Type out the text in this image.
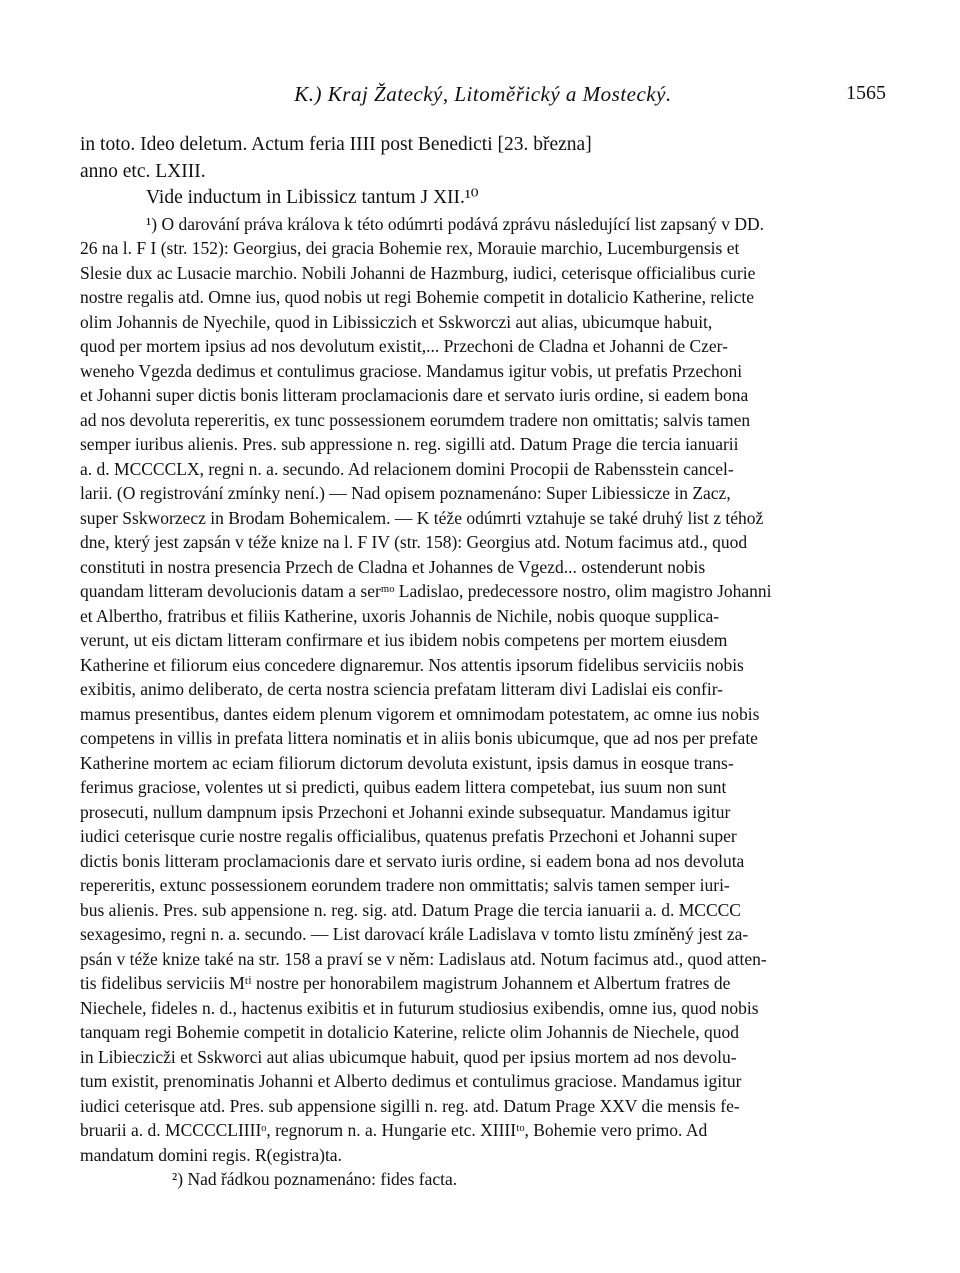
K.) Kraj Žatecký, Litoměřický a Mostecký.	1565
in toto. Ideo deletum. Actum feria IIII post Benedicti [23. března]
anno etc. LXIII.
Vide inductum in Libissicz tantum J XII.¹⁰
¹) O darování práva králova k této odúmrti podává zprávu následující list zapsaný v DD.
26 na l. F I (str. 152): Georgius, dei gracia Bohemie rex, Morauie marchio, Lucemburgensis et
Slesie dux ac Lusacie marchio. Nobili Johanni de Hazmburg, iudici, ceterisque officialibus curie
nostre regalis atd. Omne ius, quod nobis ut regi Bohemie competit in dotalicio Katherine, relicte
olim Johannis de Nyechile, quod in Libissiczich et Sskworczi aut alias, ubicumque habuit,
quod per mortem ipsius ad nos devolutum existit,... Przechoni de Cladna et Johanni de Czer-
weneho Vgezda dedimus et contulimus graciose. Mandamus igitur vobis, ut prefatis Przechoni
et Johanni super dictis bonis litteram proclamacionis dare et servato iuris ordine, si eadem bona
ad nos devoluta repereritis, ex tunc possessionem eorumdem tradere non omittatis; salvis tamen
semper iuribus alienis. Pres. sub appressione n. reg. sigilli atd. Datum Prage die tercia ianuarii
a. d. MCCCCLX, regni n. a. secundo. Ad relacionem domini Procopii de Rabensstein cancel-
larii. (O registrování zmínky není.) — Nad opisem poznamenáno: Super Libiessicze in Zacz,
super Sskworzecz in Brodam Bohemicalem. — K téže odúmrti vztahuje se také druhý list z téhož
dne, který jest zapsán v téže knize na l. F IV (str. 158): Georgius atd. Notum facimus atd., quod
constituti in nostra presencia Przech de Cladna et Johannes de Vgezd... ostenderunt nobis
quandam litteram devolucionis datam a serᵐᵒ Ladislao, predecessore nostro, olim magistro Johanni
et Albertho, fratribus et filiis Katherine, uxoris Johannis de Nichile, nobis quoque supplica-
verunt, ut eis dictam litteram confirmare et ius ibidem nobis competens per mortem eiusdem
Katherine et filiorum eius concedere dignaremur. Nos attentis ipsorum fidelibus serviciis nobis
exibitis, animo deliberato, de certa nostra sciencia prefatam litteram divi Ladislai eis confir-
mamus presentibus, dantes eidem plenum vigorem et omnimodam potestatem, ac omne ius nobis
competens in villis in prefata littera nominatis et in aliis bonis ubicumque, que ad nos per prefate
Katherine mortem ac eciam filiorum dictorum devoluta existunt, ipsis damus in eosque trans-
ferimus graciose, volentes ut si predicti, quibus eadem littera competebat, ius suum non sunt
prosecuti, nullum dampnum ipsis Przechoni et Johanni exinde subsequatur. Mandamus igitur
iudici ceterisque curie nostre regalis officialibus, quatenus prefatis Przechoni et Johanni super
dictis bonis litteram proclamacionis dare et servato iuris ordine, si eadem bona ad nos devoluta
repereritis, extunc possessionem eorundem tradere non ommittatis; salvis tamen semper iuri-
bus alienis. Pres. sub appensione n. reg. sig. atd. Datum Prage die tercia ianuarii a. d. MCCCC
sexagesimo, regni n. a. secundo. — List darovací krále Ladislava v tomto listu zmíněný jest za-
psán v téže knize také na str. 158 a praví se v něm: Ladislaus atd. Notum facimus atd., quod atten-
tis fidelibus serviciis Mᵗⁱ nostre per honorabilem magistrum Johannem et Albertum fratres de
Niechele, fideles n. d., hactenus exibitis et in futurum studiosius exibendis, omne ius, quod nobis
tanquam regi Bohemie competit in dotalicio Katerine, relicte olim Johannis de Niechele, quod
in Libieczicži et Sskworci aut alias ubicumque habuit, quod per ipsius mortem ad nos devolu-
tum existit, prenominatis Johanni et Alberto dedimus et contulimus graciose. Mandamus igitur
iudici ceterisque atd. Pres. sub appensione sigilli n. reg. atd. Datum Prage XXV die mensis fe-
bruarii a. d. MCCCCLIIIIᵒ, regnorum n. a. Hungarie etc. XIIIIᵗᵒ, Bohemie vero primo. Ad
mandatum domini regis. R(egistra)ta.
²) Nad řádkou poznamenáno: fides facta.
